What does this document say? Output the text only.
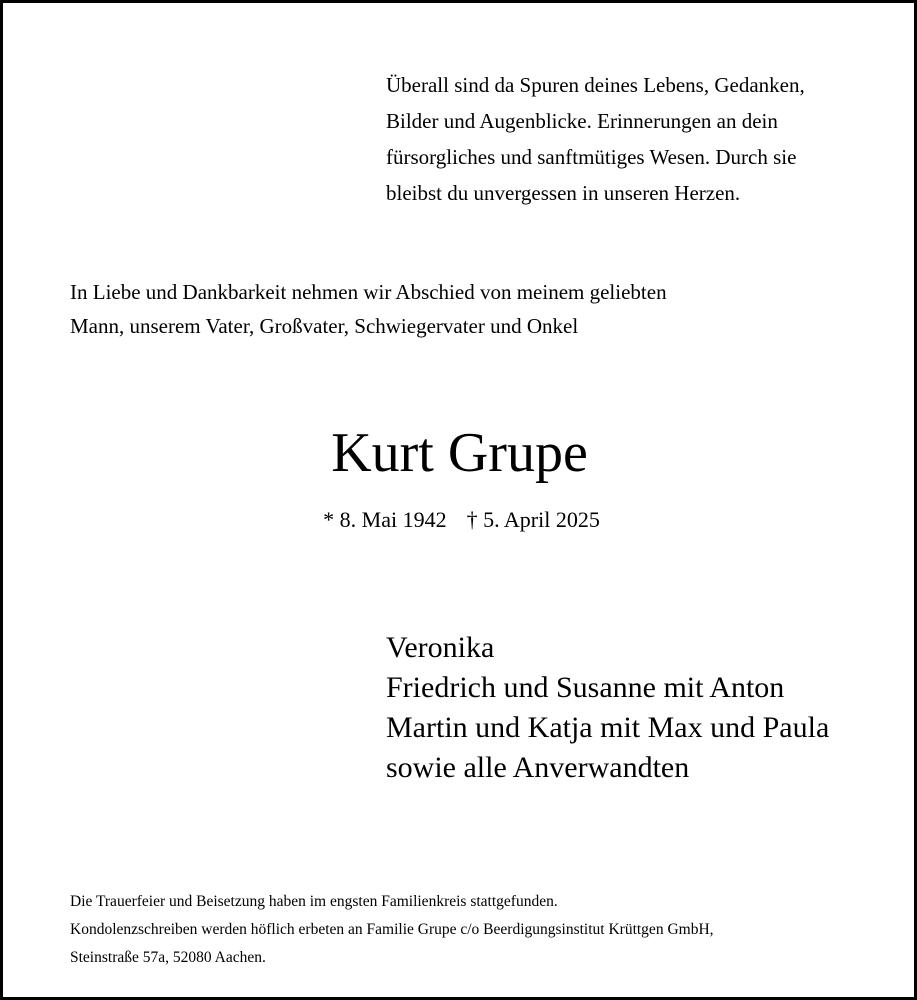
Überall sind da Spuren deines Lebens, Gedanken,
Bilder und Augenblicke. Erinnerungen an dein
fürsorgliches und sanftmütiges Wesen. Durch sie
bleibst du unvergessen in unseren Herzen.
In Liebe und Dankbarkeit nehmen wir Abschied von meinem geliebten
Mann, unserem Vater, Großvater, Schwiegervater und Onkel
Kurt Grupe
* 8. Mai 1942 † 5. April 2025
Veronika
Friedrich und Susanne mit Anton
Martin und Katja mit Max und Paula
sowie alle Anverwandten
Die Trauerfeier und Beisetzung haben im engsten Familienkreis stattgefunden.
Kondolenzschreiben werden höflich erbeten an Familie Grupe c/o Beerdigungsinstitut Krüttgen GmbH,
Steinstraße 57a, 52080 Aachen.
